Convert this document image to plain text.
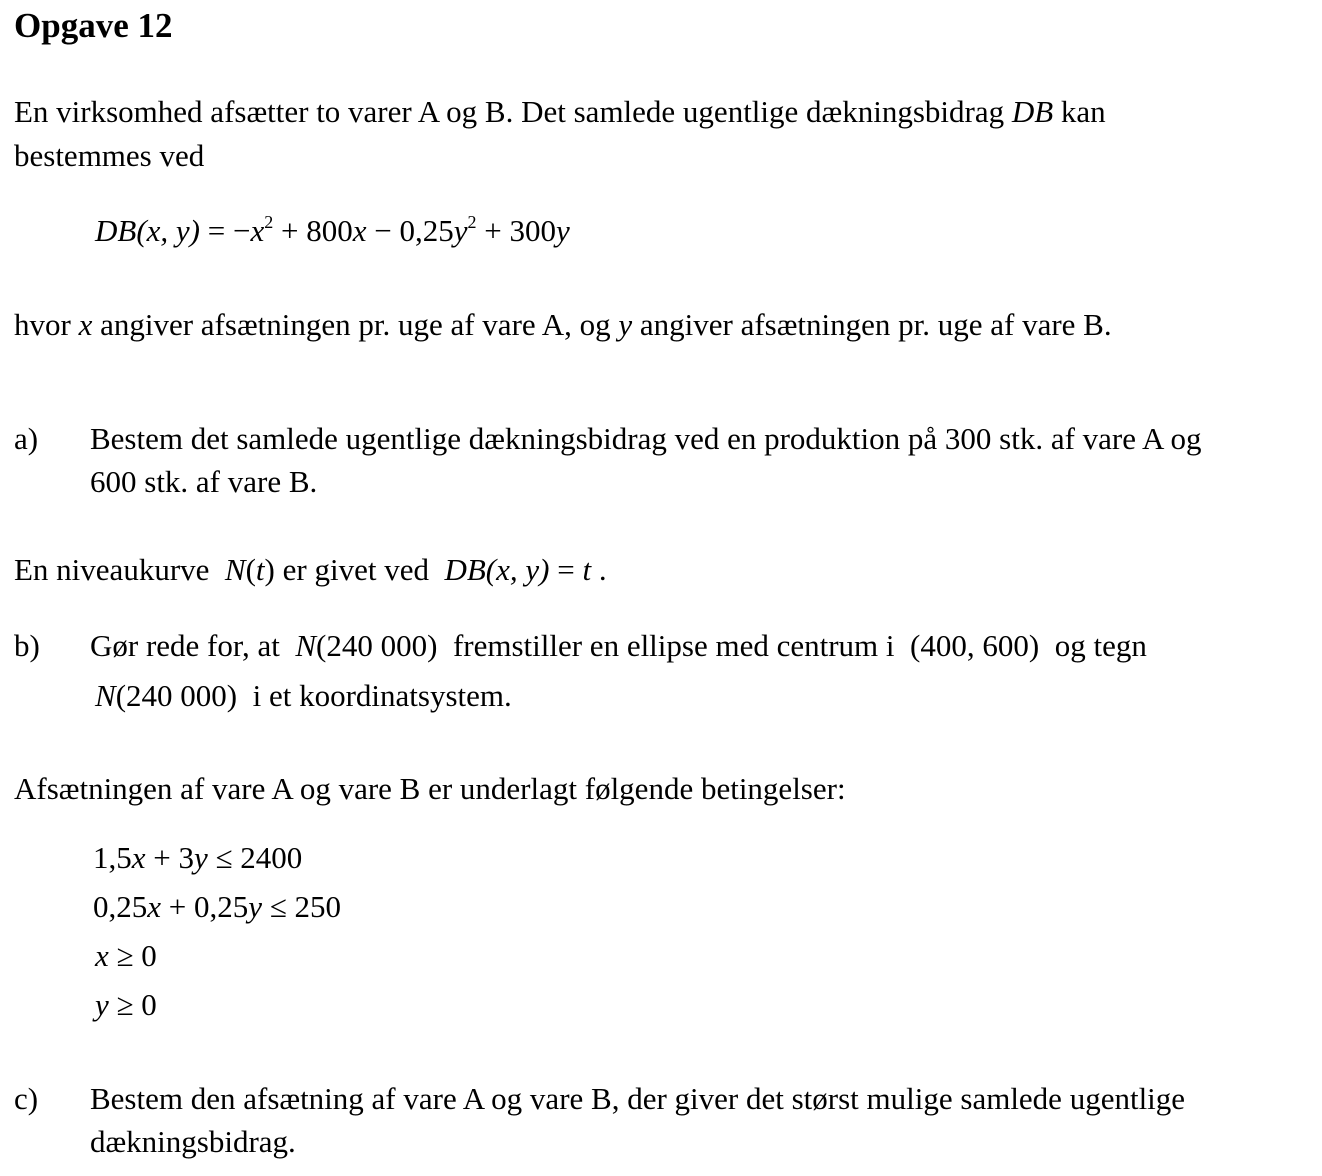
Opgave 12
En virksomhed afsætter to varer A og B. Det samlede ugentlige dækningsbidrag DB kan
bestemmes ved
DB(x, $y) = -x^2 + 800x - 0,25y^2 + 300y$
hvor x angiver afsætningen pr. uge af vare A, og y angiver afsætningen pr. uge af vare B.
a) Bestem det samlede ugentlige dækningsbidrag ved en produktion på 300 stk. af vare A og
600 stk. af vare B.
En niveaukurve N(t) er givet ved DB(x, y) = t .
b) Gør rede for, at N(240 000) fremstiller en ellipse med centrum i (400, 600) og tegn
N(240 000) i et koordinatsystem.
Afsætningen af vare A og vare B er underlagt følgende betingelser:
1,5x + 3y ≤ 2400
0,25x + 0,25y ≤ 250
x ≥ 0
y ≥ 0
c) Bestem den afsætning af vare A og vare B, der giver det størst mulige samlede ugentlige
dækningsbidrag.
